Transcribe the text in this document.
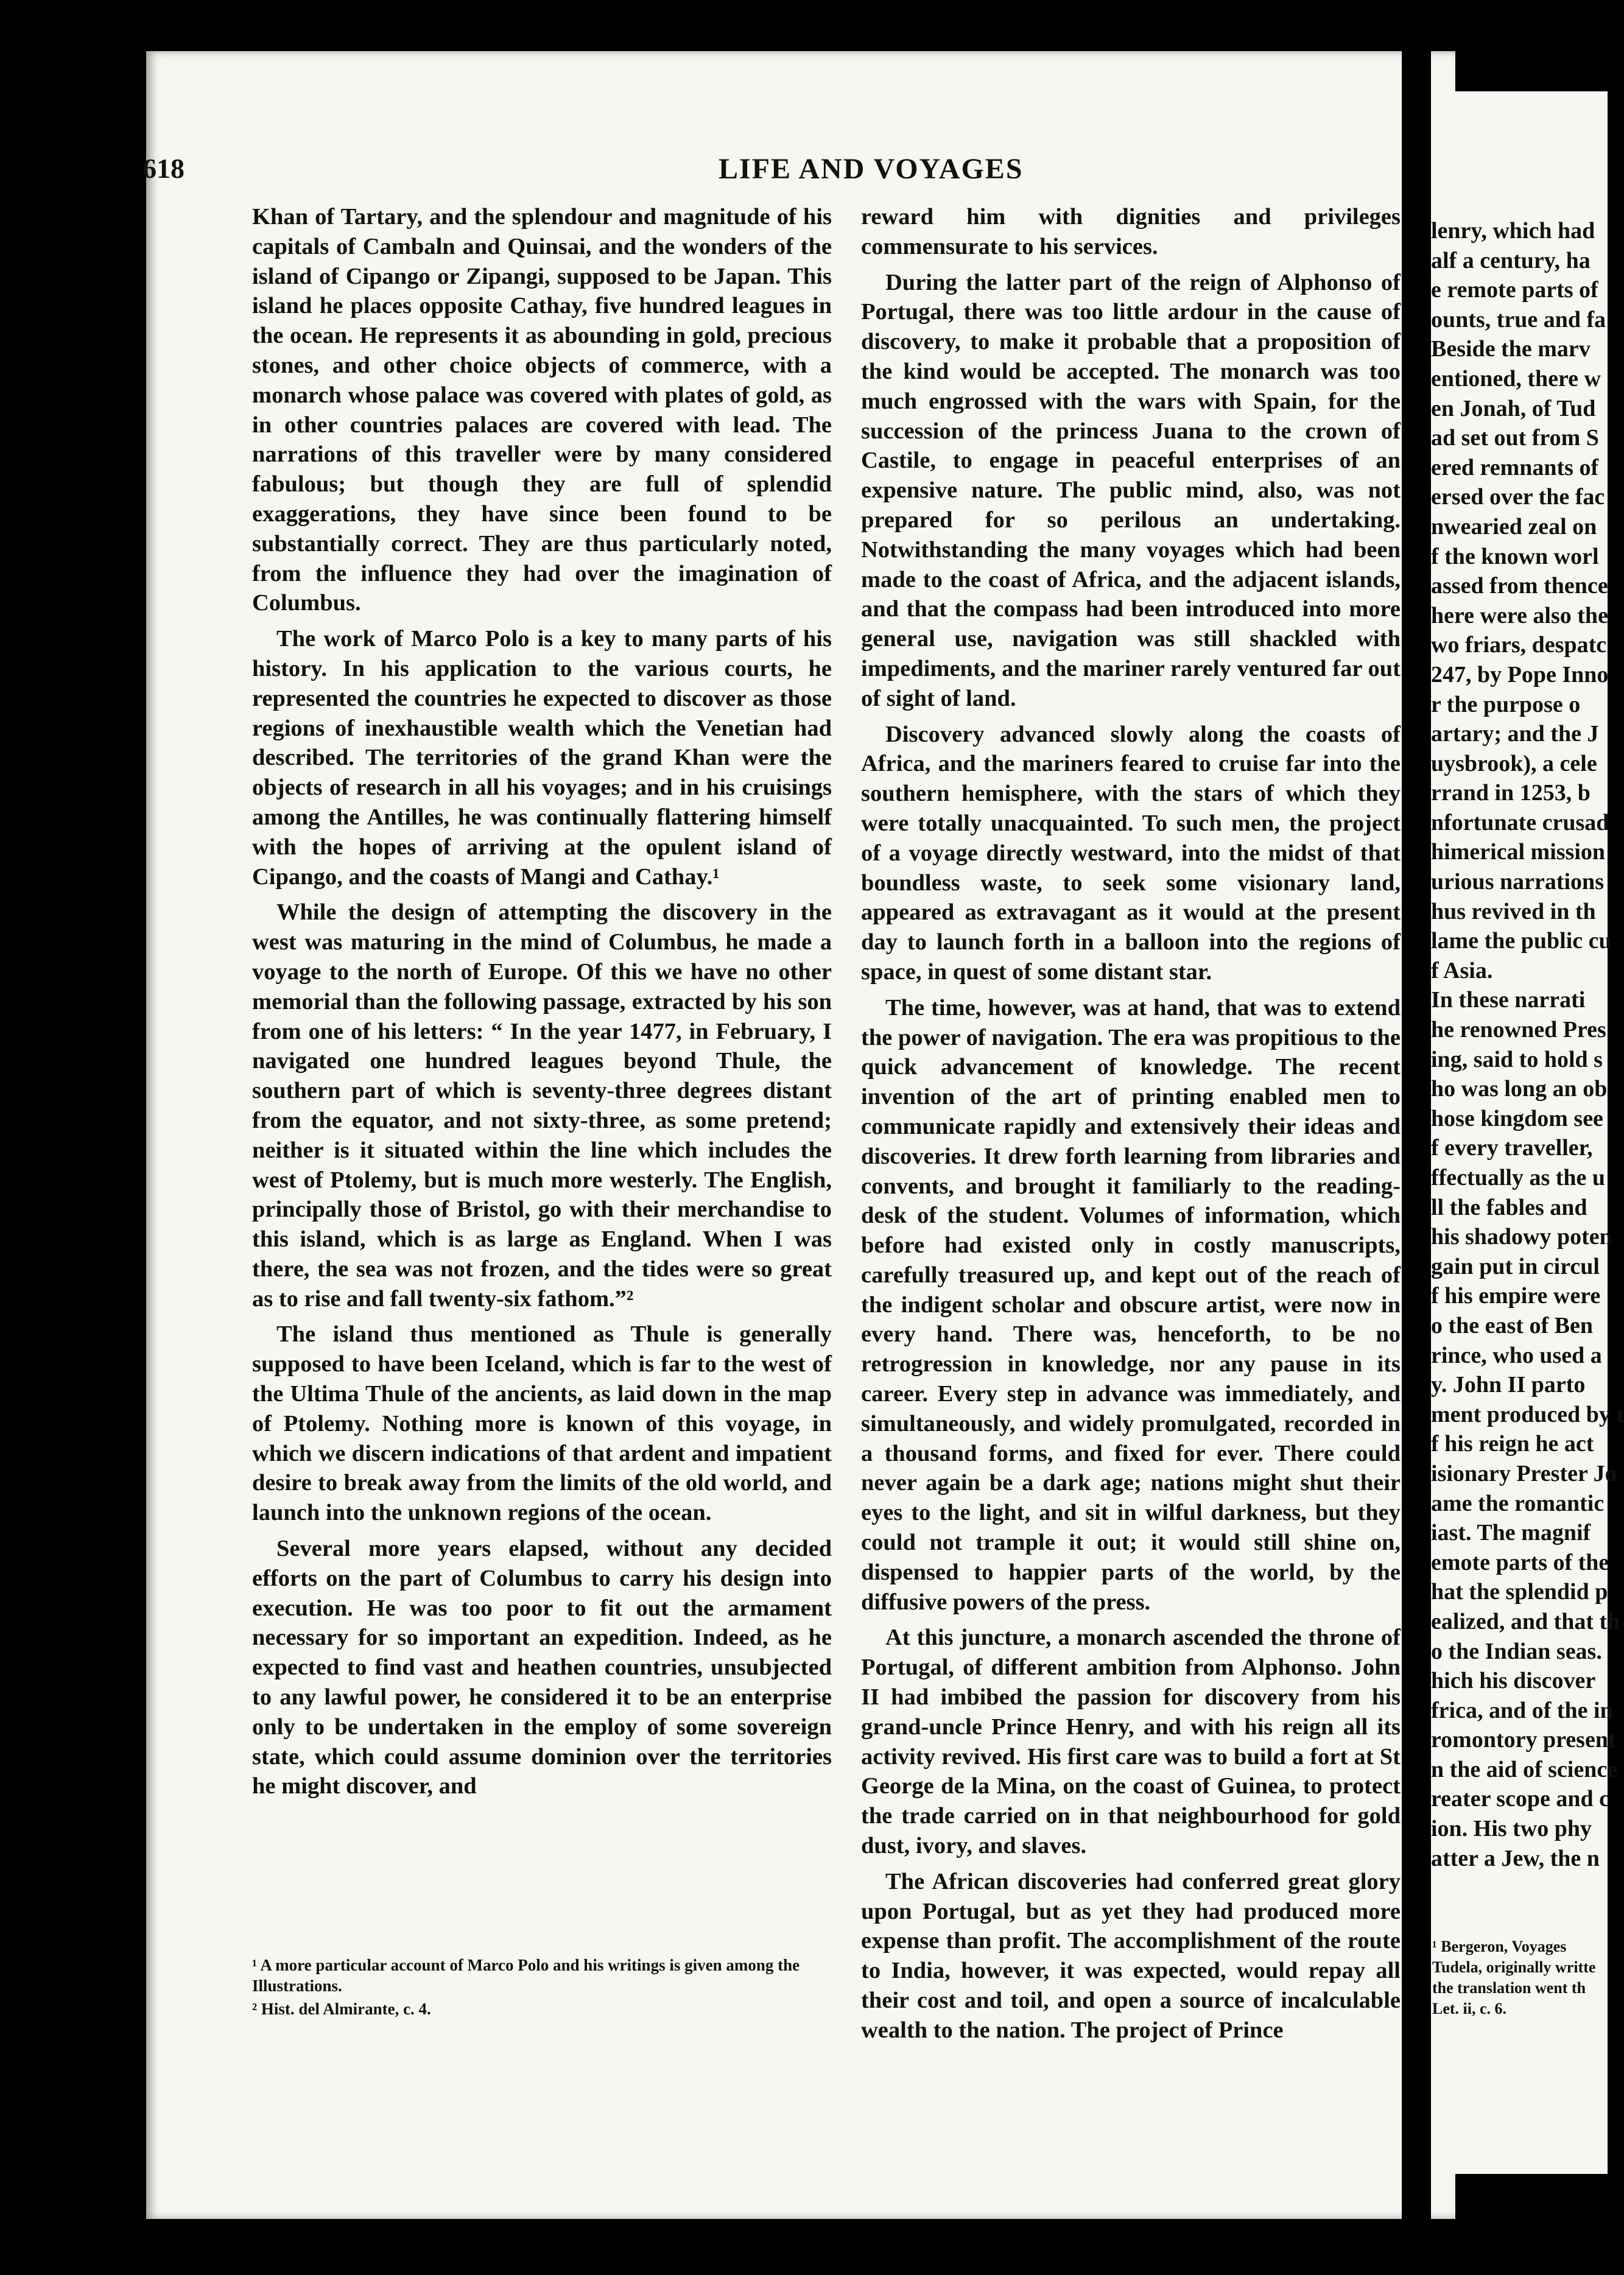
618	LIFE AND VOYAGES

Khan of Tartary, and the splendour and magnitude of his capitals of Cambaln and Quinsai, and the wonders of the island of Cipango or Zipangi, supposed to be Japan. This island he places opposite Cathay, five hundred leagues in the ocean. He represents it as abounding in gold, precious stones, and other choice objects of commerce, with a monarch whose palace was covered with plates of gold, as in other countries palaces are covered with lead. The narrations of this traveller were by many considered fabulous; but though they are full of splendid exaggerations, they have since been found to be substantially correct. They are thus particularly noted, from the influence they had over the imagination of Columbus.

The work of Marco Polo is a key to many parts of his history. In his application to the various courts, he represented the countries he expected to discover as those regions of inexhaustible wealth which the Venetian had described. The territories of the grand Khan were the objects of research in all his voyages; and in his cruisings among the Antilles, he was continually flattering himself with the hopes of arriving at the opulent island of Cipango, and the coasts of Mangi and Cathay.¹

While the design of attempting the discovery in the west was maturing in the mind of Columbus, he made a voyage to the north of Europe. Of this we have no other memorial than the following passage, extracted by his son from one of his letters: “ In the year 1477, in February, I navigated one hundred leagues beyond Thule, the southern part of which is seventy-three degrees distant from the equator, and not sixty-three, as some pretend; neither is it situated within the line which includes the west of Ptolemy, but is much more westerly. The English, principally those of Bristol, go with their merchandise to this island, which is as large as England. When I was there, the sea was not frozen, and the tides were so great as to rise and fall twenty-six fathom.”²

The island thus mentioned as Thule is generally supposed to have been Iceland, which is far to the west of the Ultima Thule of the ancients, as laid down in the map of Ptolemy. Nothing more is known of this voyage, in which we discern indications of that ardent and impatient desire to break away from the limits of the old world, and launch into the unknown regions of the ocean.

Several more years elapsed, without any decided efforts on the part of Columbus to carry his design into execution. He was too poor to fit out the armament necessary for so important an expedition. Indeed, as he expected to find vast and heathen countries, unsubjected to any lawful power, he considered it to be an enterprise only to be undertaken in the employ of some sovereign state, which could assume dominion over the territories he might discover, and

¹ A more particular account of Marco Polo and his writings is given among the Illustrations.

² Hist. del Almirante, c. 4.

reward him with dignities and privileges commensurate to his services.

During the latter part of the reign of Alphonso of Portugal, there was too little ardour in the cause of discovery, to make it probable that a proposition of the kind would be accepted. The monarch was too much engrossed with the wars with Spain, for the succession of the princess Juana to the crown of Castile, to engage in peaceful enterprises of an expensive nature. The public mind, also, was not prepared for so perilous an undertaking. Notwithstanding the many voyages which had been made to the coast of Africa, and the adjacent islands, and that the compass had been introduced into more general use, navigation was still shackled with impediments, and the mariner rarely ventured far out of sight of land.

Discovery advanced slowly along the coasts of Africa, and the mariners feared to cruise far into the southern hemisphere, with the stars of which they were totally unacquainted. To such men, the project of a voyage directly westward, into the midst of that boundless waste, to seek some visionary land, appeared as extravagant as it would at the present day to launch forth in a balloon into the regions of space, in quest of some distant star.

The time, however, was at hand, that was to extend the power of navigation. The era was propitious to the quick advancement of knowledge. The recent invention of the art of printing enabled men to communicate rapidly and extensively their ideas and discoveries. It drew forth learning from libraries and convents, and brought it familiarly to the reading-desk of the student. Volumes of information, which before had existed only in costly manuscripts, carefully treasured up, and kept out of the reach of the indigent scholar and obscure artist, were now in every hand. There was, henceforth, to be no retrogression in knowledge, nor any pause in its career. Every step in advance was immediately, and simultaneously, and widely promulgated, recorded in a thousand forms, and fixed for ever. There could never again be a dark age; nations might shut their eyes to the light, and sit in wilful darkness, but they could not trample it out; it would still shine on, dispensed to happier parts of the world, by the diffusive powers of the press.

At this juncture, a monarch ascended the throne of Portugal, of different ambition from Alphonso. John II had imbibed the passion for discovery from his grand-uncle Prince Henry, and with his reign all its activity revived. His first care was to build a fort at St George de la Mina, on the coast of Guinea, to protect the trade carried on in that neighbourhood for gold dust, ivory, and slaves.

The African discoveries had conferred great glory upon Portugal, but as yet they had produced more expense than profit. The accomplishment of the route to India, however, it was expected, would repay all their cost and toil, and open a source of incalculable wealth to the nation. The project of Prince

lenry, which had
alf a century, ha
e remote parts of
ounts, true and fa
Beside the marv
entioned, there w
en Jonah, of Tud
ad set out from S
ered remnants of
ersed over the fac
nwearied zeal on
f the known worl
assed from thence
here were also the
wo friars, despatc
247, by Pope Inno
r the purpose o
artary; and the J
uysbrook), a cele
rrand in 1253, b
nfortunate crusad
himerical mission
urious narrations
hus revived in th
lame the public cu
f Asia.
In these narrati
he renowned Pres
ing, said to hold s
ho was long an ob
hose kingdom see
f every traveller,
ffectually as the u
ll the fables and
his shadowy poten
gain put in circul
f his empire were
o the east of Ben
rince, who used a
y. John II parto
ment produced by t
f his reign he act
isionary Prester Jo
ame the romantic
iast. The magnif
emote parts of the
hat the splendid p
ealized, and that th
o the Indian seas.
hich his discover
frica, and of the in
romontory present
n the aid of science
reater scope and c
ion. His two phy
atter a Jew, the n
¹ Bergeron, Voyages
Tudela, originally writte
the translation went th
Let. ii, c. 6.
